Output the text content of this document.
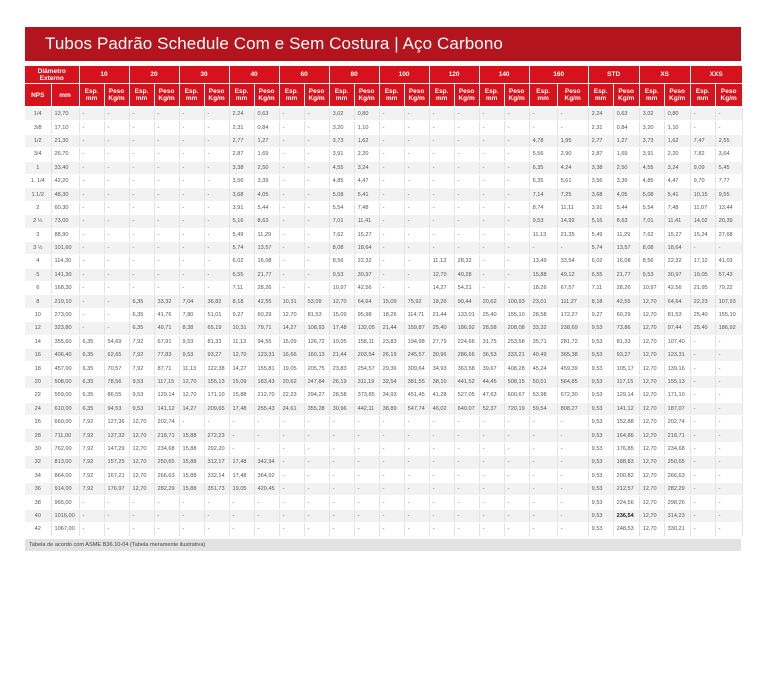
Tubos Padrão Schedule Com e Sem Costura | Aço Carbono
Diâmetro Externo		10		20		30		40		60		80		100		120		140		160		STD		XS		XXS	
NPS	mm	Esp. mm	Peso Kg/m	Esp. mm	Peso Kg/m	Esp. mm	Peso Kg/m	Esp. mm	Peso Kg/m	Esp. mm	Peso Kg/m	Esp. mm	Peso Kg/m	Esp. mm	Peso Kg/m	Esp. mm	Peso Kg/m	Esp. mm	Peso Kg/m	Esp. mm	Peso Kg/m	Esp. mm	Peso Kg/m	Esp. mm	Peso Kg/m	Esp. mm	Peso Kg/m
1/4	13,70	-	-	-	-	-	-	2,24	0,63	-	-	3,02	0,80	-	-	-	-	-	-	-	-	2,24	0,63	3,02	0,80	-	-
3/8	17,10	-	-	-	-	-	-	2,31	0,84	-	-	3,20	1,10	-	-	-	-	-	-	-	-	2,31	0,84	3,20	1,10	-	-
1/2	21,30	-	-	-	-	-	-	2,77	1,27	-	-	3,73	1,62	-	-	-	-	-	-	4,78	1,95	2,77	1,27	3,73	1,62	7,47	2,55
3/4	26,70	-	-	-	-	-	-	2,87	1,69	-	-	3,91	2,20	-	-	-	-	-	-	5,56	2,90	2,87	1,69	3,91	2,20	7,82	3,64
1	33,40	-	-	-	-	-	-	3,38	2,50	-	-	4,55	3,24	-	-	-	-	-	-	6,35	4,24	3,38	2,50	4,55	3,24	9,09	5,45
1. 1/4	42,20	-	-	-	-	-	-	3,56	3,39	-	-	4,85	4,47	-	-	-	-	-	-	6,35	5,61	3,56	3,39	4,85	4,47	9,70	7,77
1.1/2	48,30	-	-	-	-	-	-	3,68	4,05	-	-	5,08	5,41	-	-	-	-	-	-	7,14	7,25	3,68	4,05	5,08	5,41	10,15	9,55
2	60,30	-	-	-	-	-	-	3,91	5,44	-	-	5,54	7,48	-	-	-	-	-	-	8,74	11,11	3,91	5,44	5,54	7,48	11,07	13,44
2 ½	73,00	-	-	-	-	-	-	5,16	8,63	-	-	7,01	11,41	-	-	-	-	-	-	9,53	14,92	5,16	8,63	7,01	11,41	14,02	20,39
3	88,90	-	-	-	-	-	-	5,49	11,29	-	-	7,62	15,27	-	-	-	-	-	-	11,13	21,35	5,49	11,29	7,62	15,27	15,24	27,68
3 ½	101,60	-	-	-	-	-	-	5,74	13,57	-	-	8,08	18,64	-	-	-	-	-	-	-	-	5,74	13,57	8,08	18,64	-	-
4	114,30	-	-	-	-	-	-	6,02	16,08	-	-	8,56	22,32	-	-	11,13	28,32	-	-	13,49	33,54	6,02	16,08	8,56	22,32	17,12	41,03
5	141,30	-	-	-	-	-	-	6,55	21,77	-	-	9,53	30,97	-	-	12,70	40,28	-	-	15,88	49,12	6,55	21,77	9,53	30,97	19,05	57,43
6	168,30	-	-	-	-	-	-	7,11	28,26	-	-	10,97	42,56	-	-	14,27	54,21	-	-	18,26	67,57	7,11	28,26	10,97	42,56	21,95	79,22
8	219,10	-	-	6,35	33,32	7,04	36,82	8,18	42,55	10,31	53,09	12,70	64,64	15,09	75,92	18,26	90,44	20,62	100,93	23,01	111,27	8,18	42,55	12,70	64,64	22,23	107,93
10	273,00	-	-	6,35	41,76	7,80	51,01	9,27	60,29	12,70	81,53	15,09	95,98	18,26	114,71	21,44	133,01	25,40	155,10	28,58	172,27	9,27	60,29	12,70	81,53	25,40	155,10
12	323,80	-	-	6,35	49,71	8,38	65,19	10,31	79,71	14,27	108,93	17,48	132,05	21,44	159,87	25,40	186,92	28,58	208,08	33,32	238,69	9,53	73,86	12,70	97,44	25,40	186,92
14	355,60	6,35	54,69	7,92	67,91	9,53	81,33	11,13	94,55	15,09	126,72	19,05	158,11	23,83	194,98	27,79	224,66	31,75	253,58	35,71	281,72	9,53	81,33	12,70	107,40	-	-
16	406,40	6,35	62,65	7,92	77,83	9,53	93,27	12,70	123,31	16,66	160,13	21,44	203,54	26,19	245,57	30,96	286,66	36,53	333,21	40,49	365,38	9,53	93,27	12,70	123,31	-	-
18	457,00	6,35	70,57	7,92	87,71	11,13	122,38	14,27	155,81	19,05	205,75	23,83	254,57	29,36	309,64	34,93	363,58	39,67	408,28	45,24	459,39	9,53	105,17	12,70	139,16	-	-
20	508,00	6,35	78,56	9,53	117,15	12,70	155,13	15,09	183,43	20,62	247,84	26,19	311,19	32,54	381,55	38,10	441,52	44,45	508,15	50,01	564,85	9,53	117,15	12,70	155,13	-	-
22	559,00	6,35	86,55	9,53	129,14	12,70	171,10	15,88	212,70	22,23	294,27	28,58	373,85	34,93	451,45	41,28	527,05	47,63	600,67	53,98	672,30	9,53	129,14	12,70	171,10	-	-
24	610,00	6,35	94,53	9,53	141,12	14,27	209,65	17,48	255,43	24,61	355,28	30,96	442,11	38,89	547,74	46,02	640,07	52,37	720,19	59,54	808,27	9,53	141,12	12,70	187,07	-	-
26	660,00	7,92	127,36	12,70	202,74	-	-	-	-	-	-	-	-	-	-	-	-	-	-	-	-	9,53	152,88	12,70	202,74	-	-
28	711,00	7,92	137,32	12,70	218,71	15,88	272,23	-	-	-	-	-	-	-	-	-	-	-	-	-	-	9,53	164,86	12,70	218,71	-	-
30	762,00	7,92	147,29	12,70	234,68	15,88	292,20	-	-	-	-	-	-	-	-	-	-	-	-	-	-	9,53	176,85	12,70	234,68	-	-
32	813,00	7,92	157,25	12,70	250,65	15,88	312,17	17,48	342,94	-	-	-	-	-	-	-	-	-	-	-	-	9,53	188,83	12,70	250,65	-	-
34	864,00	7,92	167,21	12,70	266,63	15,88	332,14	17,48	364,92	-	-	-	-	-	-	-	-	-	-	-	-	9,53	200,82	12,70	266,63	-	-
36	914,00	7,92	176,97	12,70	282,29	15,88	351,73	19,05	420,45	-	-	-	-	-	-	-	-	-	-	-	-	9,53	212,57	12,70	282,29	-	-
38	965,00	-	-	-	-	-	-	-	-	-	-	-	-	-	-	-	-	-	-	-	-	9,53	224,56	12,70	298,26	-	-
40	1016,00	-	-	-	-	-	-	-	-	-	-	-	-	-	-	-	-	-	-	-	-	9,53	236,54	12,70	314,23	-	-
42	1067,00	-	-	-	-	-	-	-	-	-	-	-	-	-	-	-	-	-	-	-	-	9,53	248,53	12,70	330,21	-	-
Tabela de acordo com ASME B36.10-04 (Tabela meramente ilustrativa)
